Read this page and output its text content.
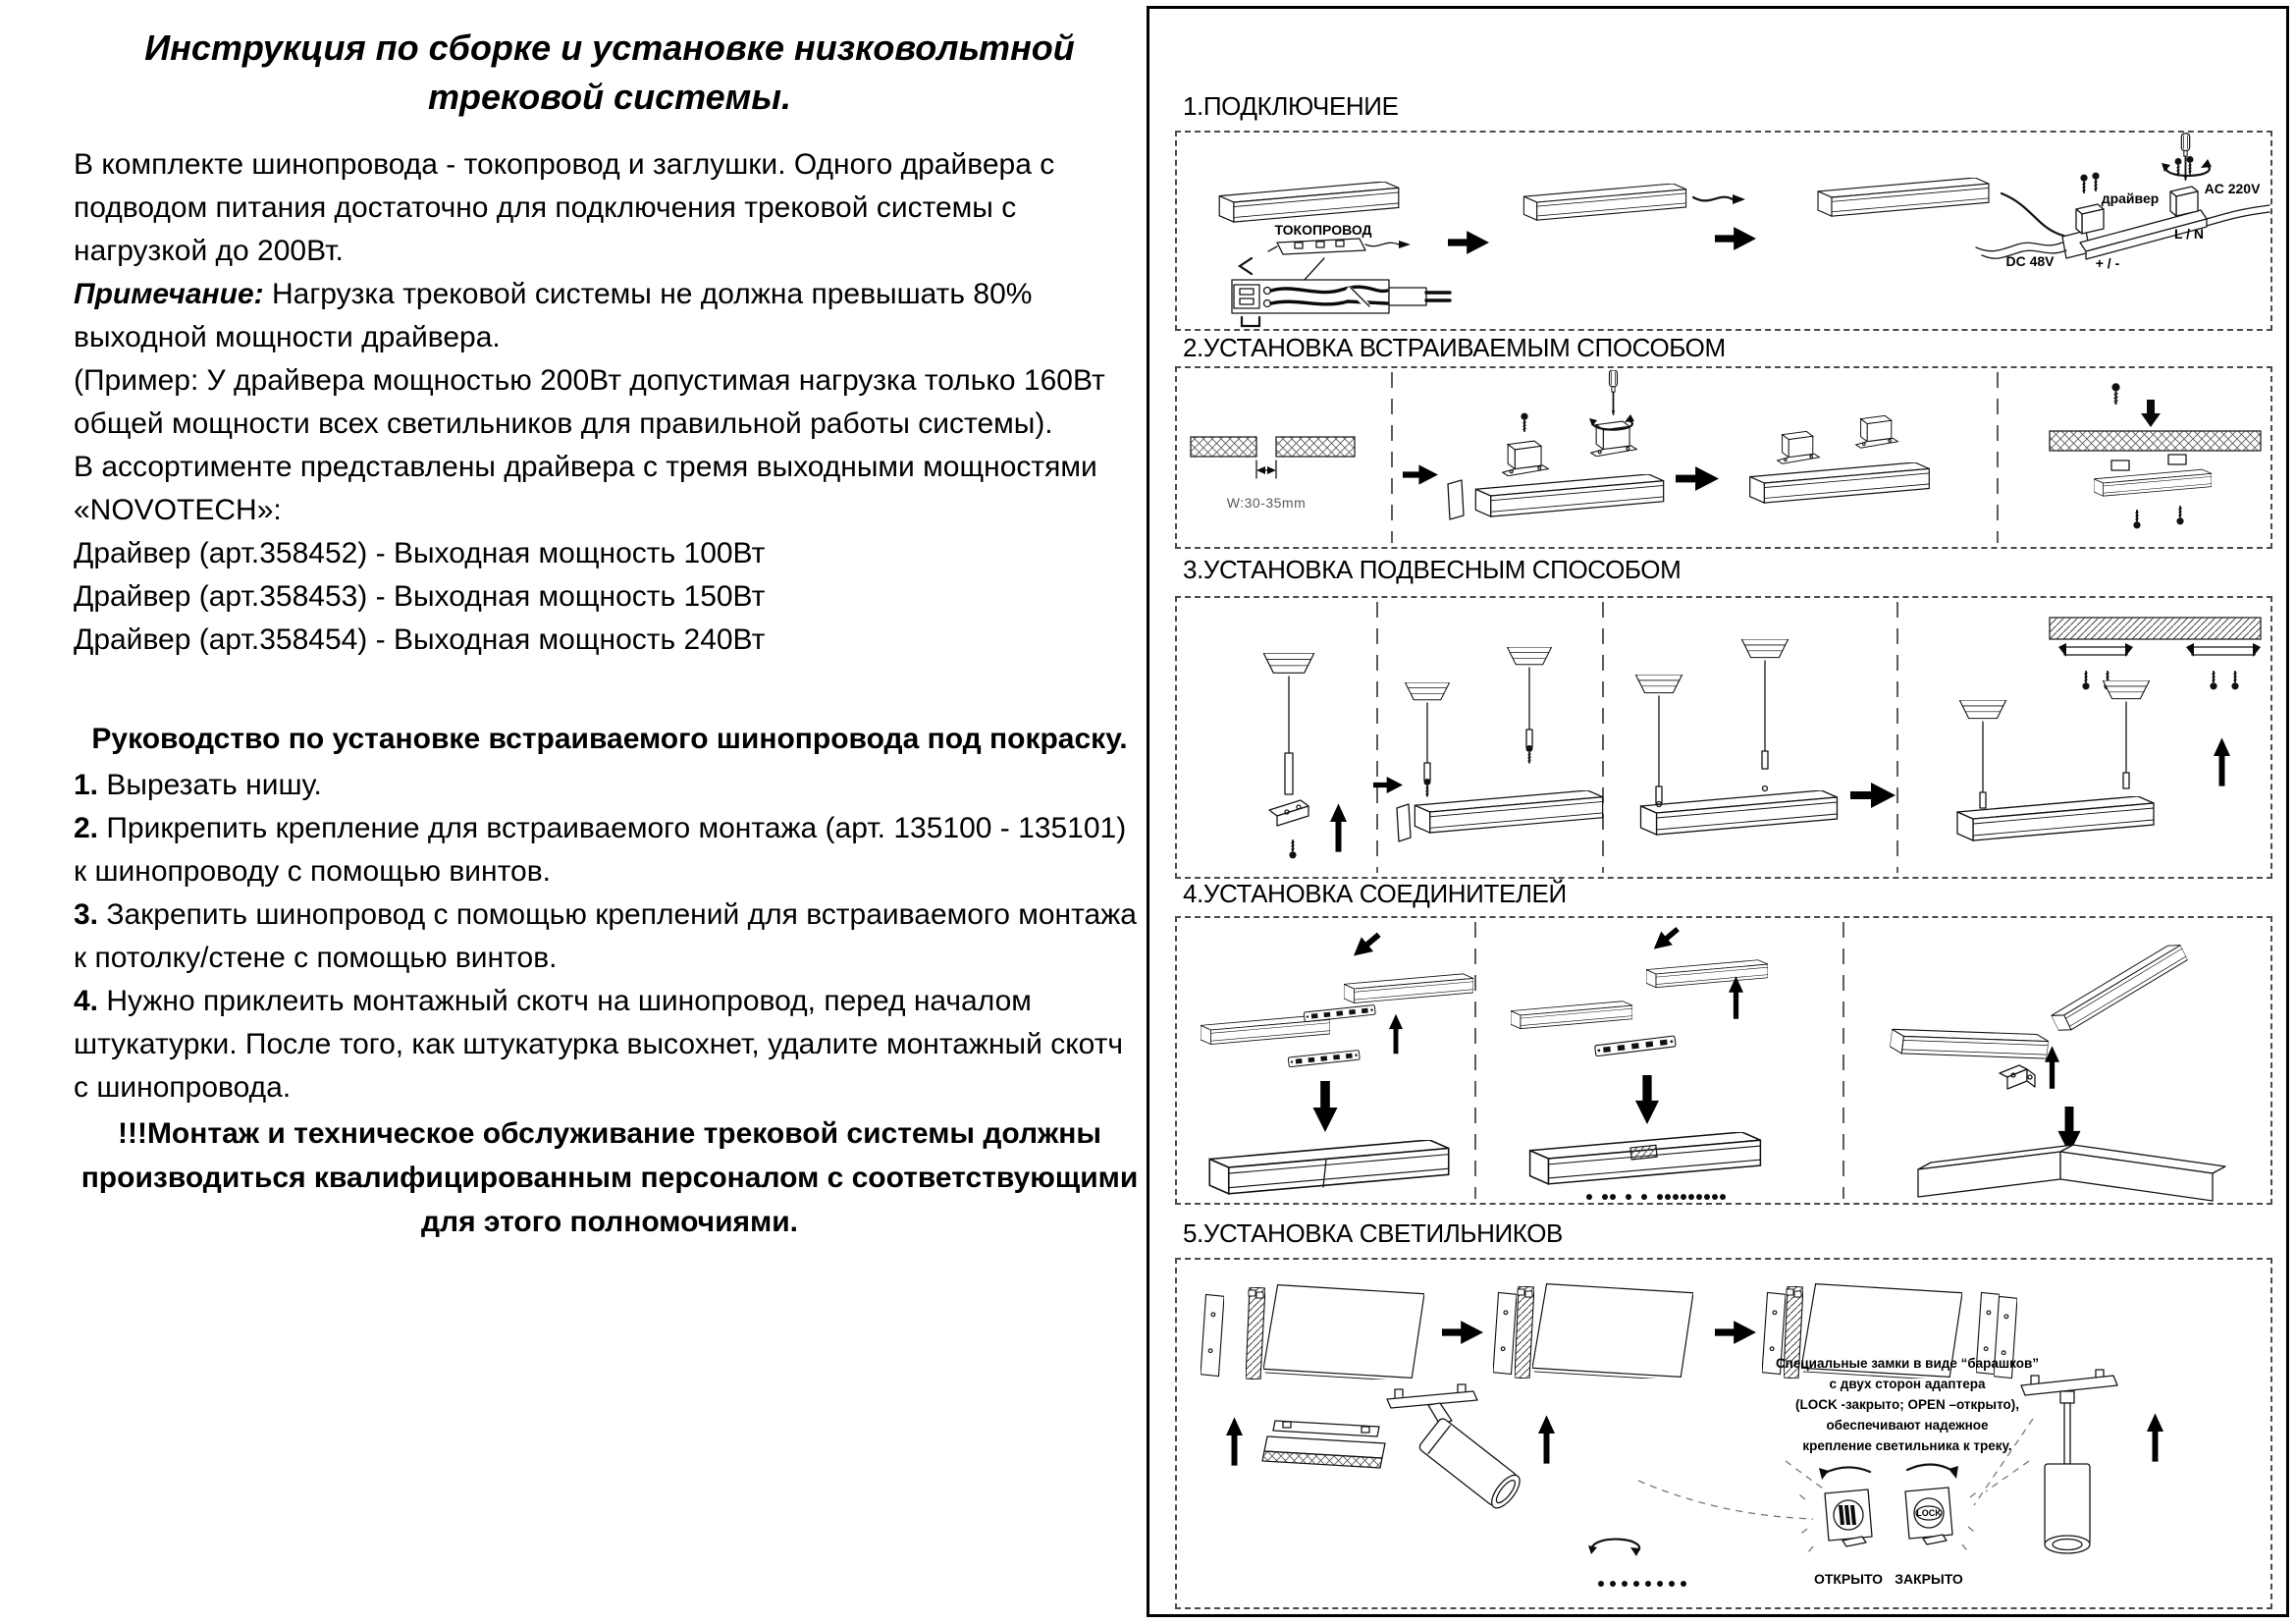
Инструкция по сборке и установке низковольтной трековой системы.

В комплекте шинопровода - токопровод и заглушки. Одного драйвера с подводом питания достаточно для подключения трековой системы с нагрузкой до 200Вт.

Примечание: Нагрузка трековой системы не должна превышать 80% выходной мощности драйвера.

(Пример: У драйвера мощностью 200Вт допустимая нагрузка только 160Вт общей мощности всех светильников для правильной работы системы).

В ассортименте представлены драйвера с тремя выходными мощностями «NOVOTECH»:

Драйвер (арт.358452) - Выходная мощность 100Вт

Драйвер (арт.358453) - Выходная мощность 150Вт

Драйвер (арт.358454) - Выходная мощность 240Вт

Руководство по установке встраиваемого шинопровода под покраску.

1. Вырезать нишу.

2. Прикрепить крепление для встраиваемого монтажа (арт. 135100 - 135101) к шинопроводу с помощью винтов.

3. Закрепить шинопровод с помощью креплений для встраиваемого монтажа к потолку/стене с помощью винтов.

4. Нужно приклеить монтажный скотч на шинопровод, перед началом штукатурки. После того, как штукатурка высохнет, удалите монтажный скотч с шинопровода.

!!!Монтаж и техническое обслуживание трековой системы должны производиться квалифицированным персоналом с соответствующими для этого полномочиями.
1.ПОДКЛЮЧЕНИЕ
2.УСТАНОВКА ВСТРАИВАЕМЫМ СПОСОБОМ
3.УСТАНОВКА ПОДВЕСНЫМ СПОСОБОМ
4.УСТАНОВКА СОЕДИНИТЕЛЕЙ
5.УСТАНОВКА СВЕТИЛЬНИКОВ
ТОКОПРОВОД
драйвер
AC 220V
L / N
+ / -
DC 48V
W:30-35mm
Специальные замки в виде “барашков”
с двух сторон адаптера
(LOCK -закрыто; OPEN –открыто),
обеспечивают надежное
крепление светильника к треку.
LOCK
ОТКРЫТО ЗАКРЫТО
